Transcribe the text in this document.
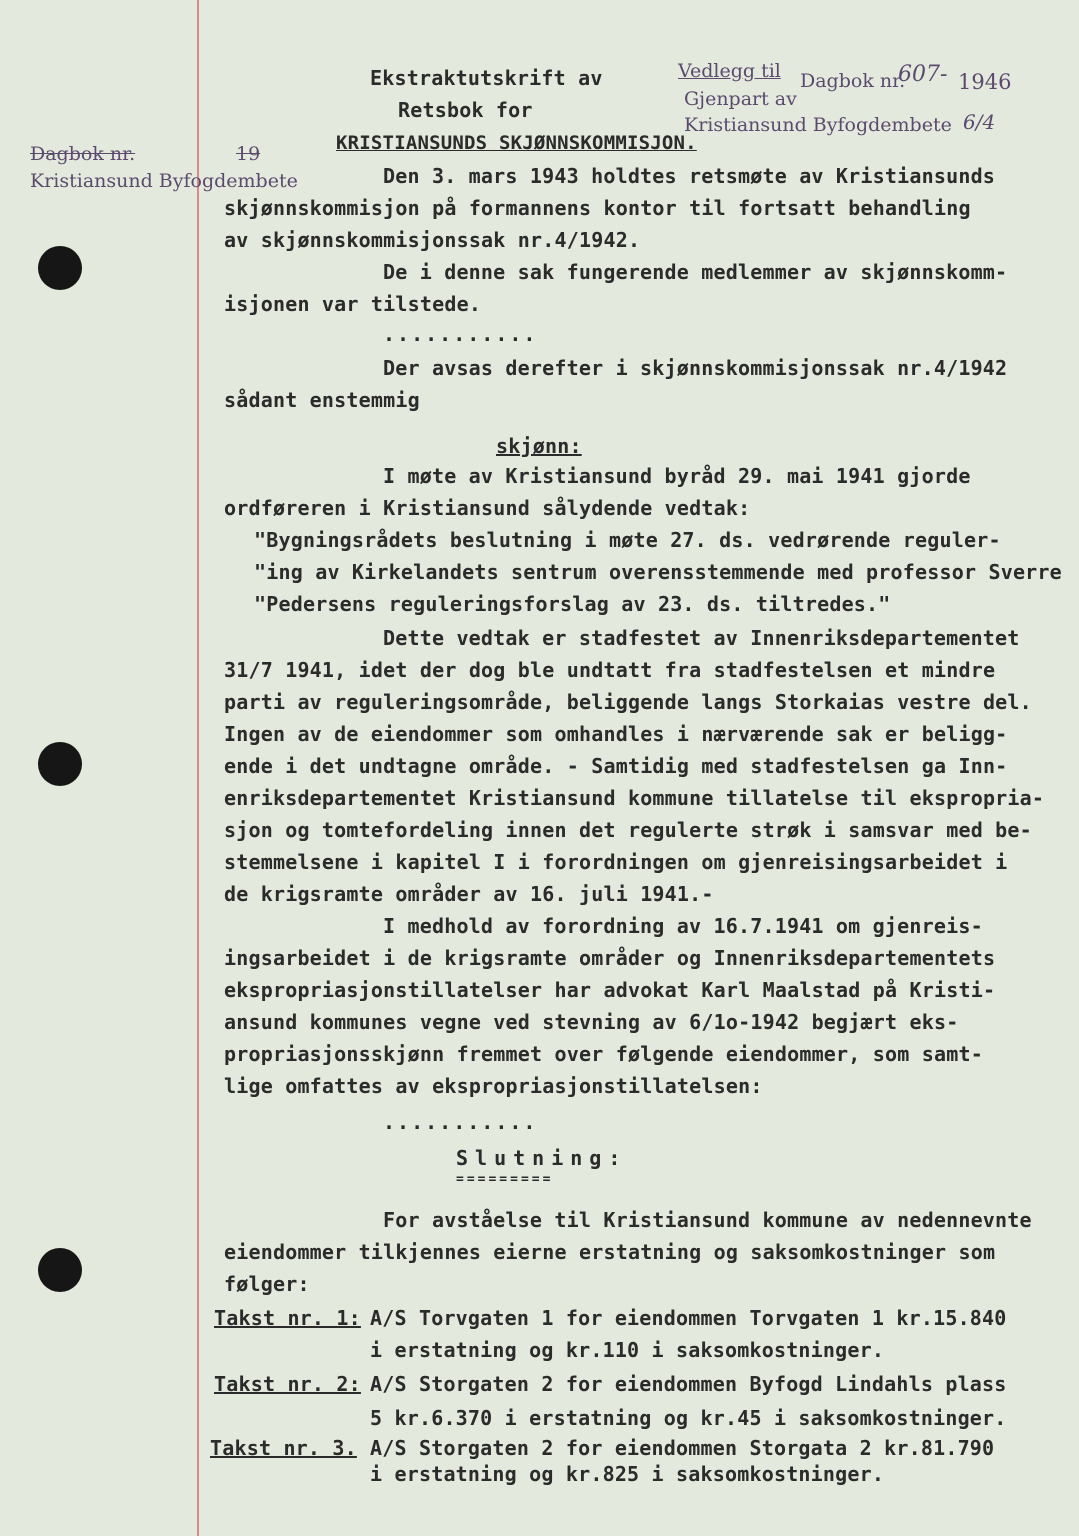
Vedlegg til Dagbok nr.
607- 1946
Gjenpart av
Kristiansund Byfogdembete 6/4
Dagbok nr.	19
Kristiansund Byfogdembete
Ekstraktutskrift av
Retsbok for
KRISTIANSUNDS SKJØNNSKOMMISJON.
Den 3. mars 1943 holdtes retsmøte av Kristiansunds
skjønnskommisjon på formannens kontor til fortsatt behandling
av skjønnskommisjonssak nr.4/1942.
De i denne sak fungerende medlemmer av skjønnskomm-
isjonen var tilstede.
...........
Der avsas derefter i skjønnskommisjonssak nr.4/1942
sådant enstemmig
skjønn:
I møte av Kristiansund byråd 29. mai 1941 gjorde
ordføreren i Kristiansund sålydende vedtak:
"Bygningsrådets beslutning i møte 27. ds. vedrørende reguler-
"ing av Kirkelandets sentrum overensstemmende med professor Sverre
"Pedersens reguleringsforslag av 23. ds. tiltredes."
Dette vedtak er stadfestet av Innenriksdepartementet
31/7 1941, idet der dog ble undtatt fra stadfestelsen et mindre
parti av reguleringsområde, beliggende langs Storkaias vestre del.
Ingen av de eiendommer som omhandles i nærværende sak er beligg-
ende i det undtagne område. - Samtidig med stadfestelsen ga Inn-
enriksdepartementet Kristiansund kommune tillatelse til ekspropria-
sjon og tomtefordeling innen det regulerte strøk i samsvar med be-
stemmelsene i kapitel I i forordningen om gjenreisingsarbeidet i
de krigsramte områder av 16. juli 1941.-
I medhold av forordning av 16.7.1941 om gjenreis-
ingsarbeidet i de krigsramte områder og Innenriksdepartementets
ekspropriasjonstillatelser har advokat Karl Maalstad på Kristi-
ansund kommunes vegne ved stevning av 6/1o-1942 begjært eks-
propriasjonsskjønn fremmet over følgende eiendommer, som samt-
lige omfattes av ekspropriasjonstillatelsen:
...........
Slutning:
=========
For avståelse til Kristiansund kommune av nedennevnte
eiendommer tilkjennes eierne erstatning og saksomkostninger som
følger:
Takst nr. 1: A/S Torvgaten 1 for eiendommen Torvgaten 1 kr.15.840
i erstatning og kr.110 i saksomkostninger.
Takst nr. 2: A/S Storgaten 2 for eiendommen Byfogd Lindahls plass
5 kr.6.370 i erstatning og kr.45 i saksomkostninger.
Takst nr. 3. A/S Storgaten 2 for eiendommen Storgata 2 kr.81.790
i erstatning og kr.825 i saksomkostninger.
